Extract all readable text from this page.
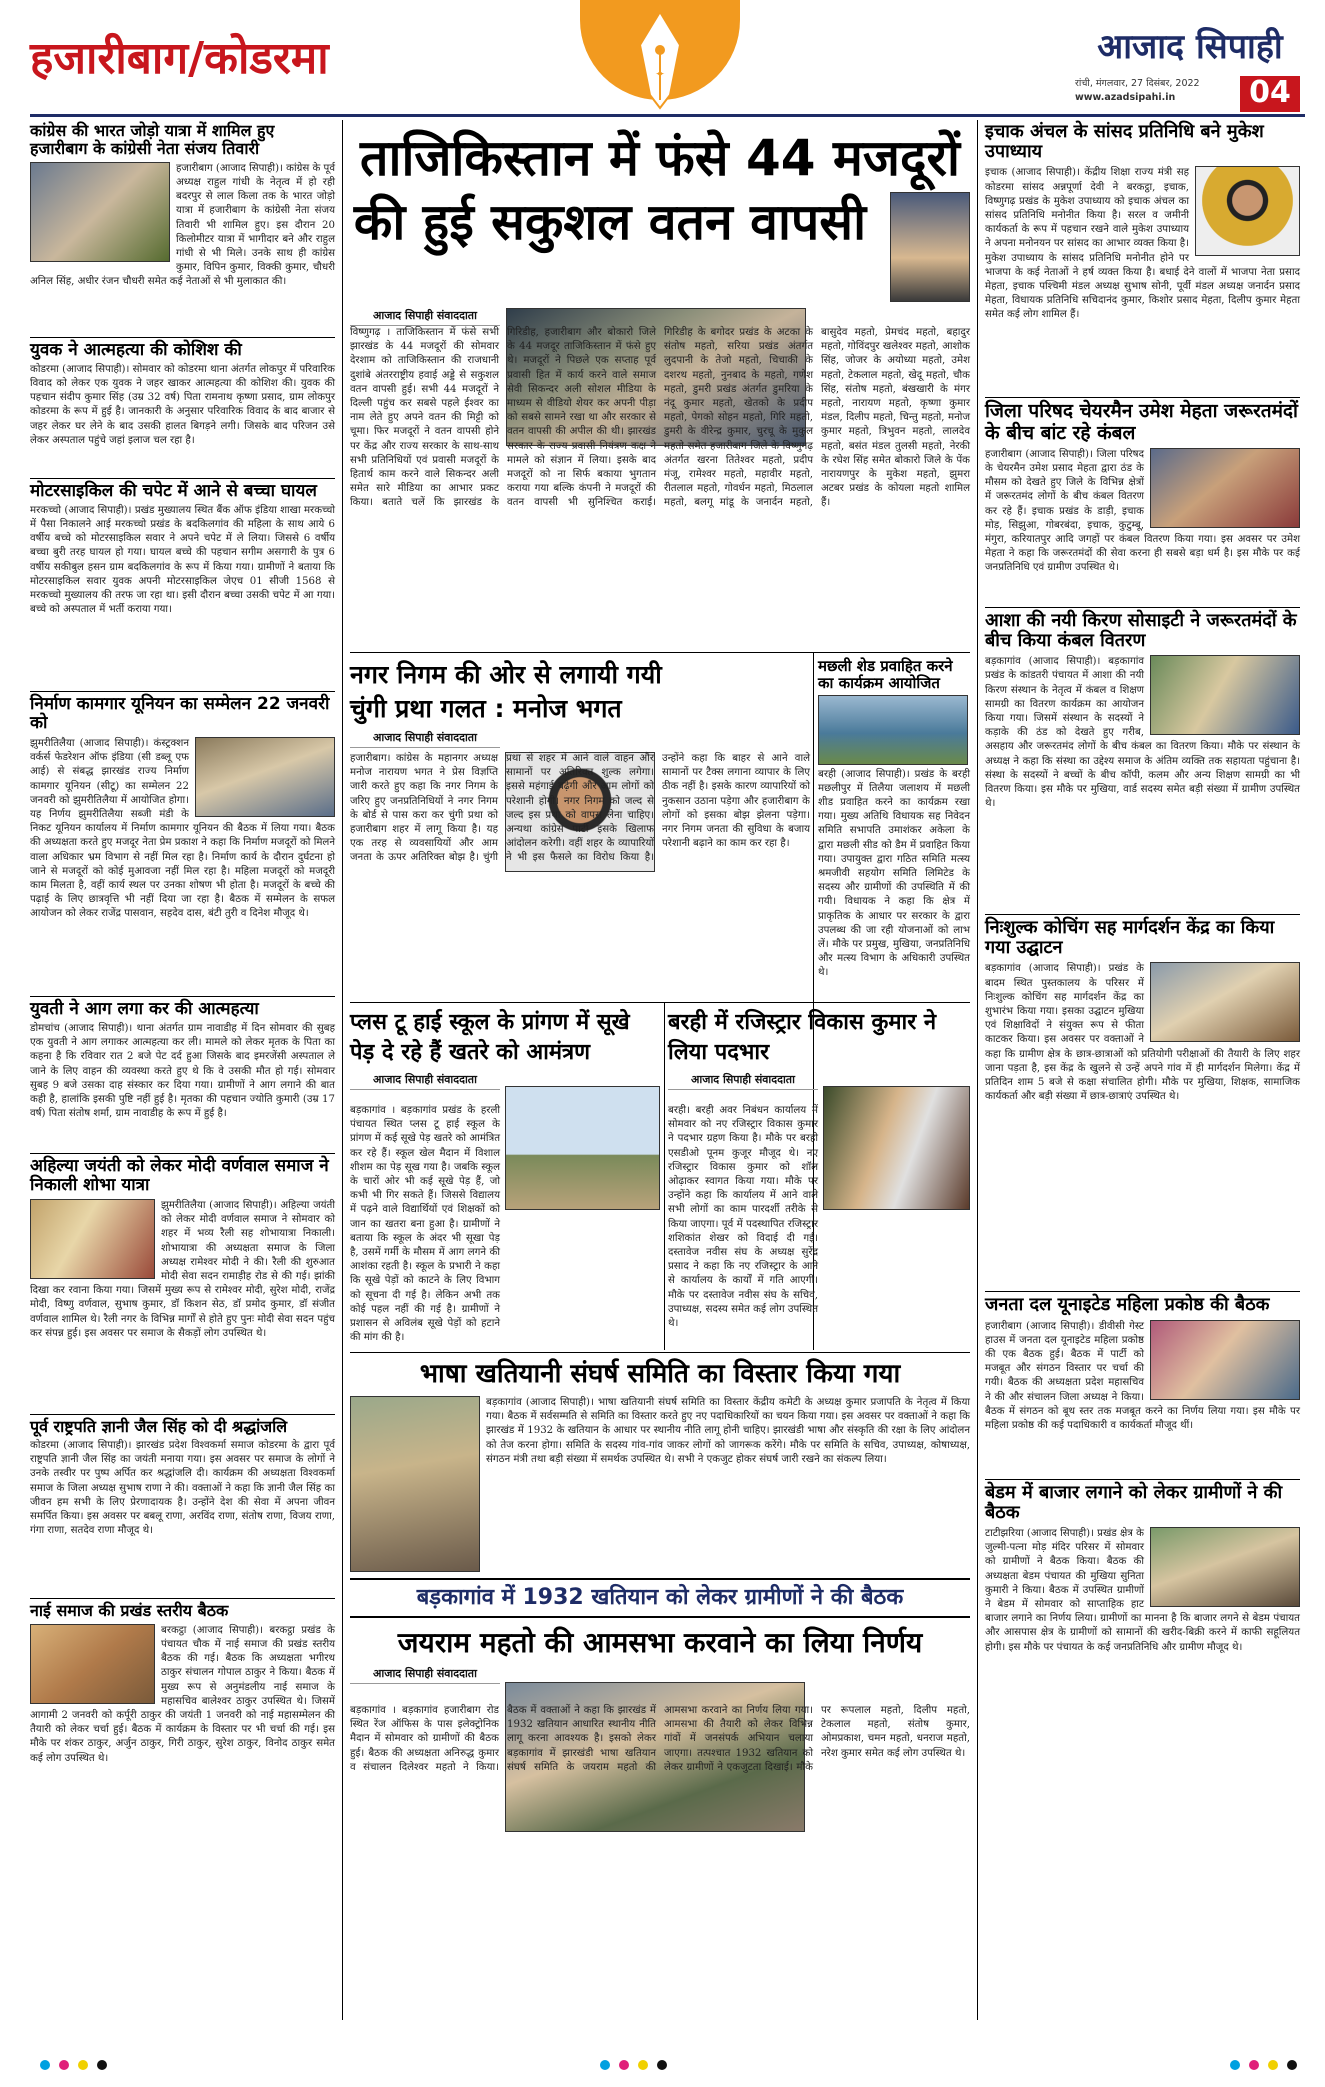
हजारीबाग/कोडरमा	✦
आजाद सिपाही
रांची, मंगलवार, 27 दिसंबर, 2022
www.azadsipahi.in	04
कांग्रेस की भारत जोड़ो यात्रा में शामिल हुए हजारीबाग के कांग्रेसी नेता संजय तिवारी
हजारीबाग (आजाद सिपाही)। कांग्रेस के पूर्व अध्यक्ष राहुल गांधी के नेतृत्व में हो रही बदरपुर से लाल किला तक के भारत जोड़ो यात्रा में हजारीबाग के कांग्रेसी नेता संजय तिवारी भी शामिल हुए। इस दौरान 20 किलोमीटर यात्रा में भागीदार बने और राहुल गांधी से भी मिले। उनके साथ ही कांग्रेस कुमार, विपिन कुमार, विक्की कुमार, चौधरी अनिल सिंह, अधीर रंजन चौधरी समेत कई नेताओं से भी मुलाकात की।
युवक ने आत्महत्या की कोशिश की
कोडरमा (आजाद सिपाही)। सोमवार को कोडरमा थाना अंतर्गत लोकपुर में परिवारिक विवाद को लेकर एक युवक ने जहर खाकर आत्महत्या की कोशिश की। युवक की पहचान संदीप कुमार सिंह (उम्र 32 वर्ष) पिता रामनाथ कृष्णा प्रसाद, ग्राम लोकपुर कोडरमा के रूप में हुई है। जानकारी के अनुसार परिवारिक विवाद के बाद बाजार से जहर लेकर घर लेने के बाद उसकी हालत बिगड़ने लगी। जिसके बाद परिजन उसे लेकर अस्पताल पहुंचे जहां इलाज चल रहा है।
मोटरसाइकिल की चपेट में आने से बच्चा घायल
मरकच्चो (आजाद सिपाही)। प्रखंड मुख्यालय स्थित बैंक ऑफ इंडिया शाखा मरकच्चो में पैसा निकालने आई मरकच्चो प्रखंड के बदकिलगांव की महिला के साथ आये 6 वर्षीय बच्चे को मोटरसाइकिल सवार ने अपने चपेट में ले लिया। जिससे 6 वर्षीय बच्चा बुरी तरह घायल हो गया। घायल बच्चे की पहचान सगीम असगारी के पुत्र 6 वर्षीय सकीबुल हसन ग्राम बदकिलगांव के रूप में किया गया। ग्रामीणों ने बताया कि मोटरसाइकिल सवार युवक अपनी मोटरसाइकिल जेएच 01 सीजी 1568 से मरकच्चो मुख्यालय की तरफ जा रहा था। इसी दौरान बच्चा उसकी चपेट में आ गया। बच्चे को अस्पताल में भर्ती कराया गया।
निर्माण कामगार यूनियन का सम्मेलन 22 जनवरी को
झुमरीतिलैया (आजाद सिपाही)। कंस्ट्रक्शन वर्कर्स फेडरेशन ऑफ इंडिया (सी डब्लू एफ आई) से संबद्ध झारखंड राज्य निर्माण कामगार यूनियन (सीटू) का सम्मेलन 22 जनवरी को झुमरीतिलैया में आयोजित होगा। यह निर्णय झुमरीतिलैया सब्जी मंडी के निकट यूनियन कार्यालय में निर्माण कामगार यूनियन की बैठक में लिया गया। बैठक की अध्यक्षता करते हुए मजदूर नेता प्रेम प्रकाश ने कहा कि निर्माण मजदूरों को मिलने वाला अधिकार भ्रम विभाग से नहीं मिल रहा है। निर्माण कार्य के दौरान दुर्घटना हो जाने से मजदूरों को कोई मुआवजा नहीं मिल रहा है। महिला मजदूरों को मजदूरी काम मिलता है, वहीं कार्य स्थल पर उनका शोषण भी होता है। मजदूरों के बच्चे की पढ़ाई के लिए छात्रवृत्ति भी नहीं दिया जा रहा है। बैठक में सम्मेलन के सफल आयोजन को लेकर राजेंद्र पासवान, सहदेव दास, बंटी तुरी व दिनेश मौजूद थे।
युवती ने आग लगा कर की आत्महत्या
डोमचांच (आजाद सिपाही)। थाना अंतर्गत ग्राम नावाडीह में दिन सोमवार की सुबह एक युवती ने आग लगाकर आत्महत्या कर ली। मामले को लेकर मृतक के पिता का कहना है कि रविवार रात 2 बजे पेट दर्द हुआ जिसके बाद इमरजेंसी अस्पताल ले जाने के लिए वाहन की व्यवस्था करते हुए थे कि वे उसकी मौत हो गई। सोमवार सुबह 9 बजे उसका दाह संस्कार कर दिया गया। ग्रामीणों ने आग लगाने की बात कही है, हालांकि इसकी पुष्टि नहीं हुई है। मृतका की पहचान ज्योति कुमारी (उम्र 17 वर्ष) पिता संतोष शर्मा, ग्राम नावाडीह के रूप में हुई है।
अहिल्या जयंती को लेकर मोदी वर्णवाल समाज ने निकाली शोभा यात्रा
झुमरीतिलैया (आजाद सिपाही)। अहिल्या जयंती को लेकर मोदी वर्णवाल समाज ने सोमवार को शहर में भव्य रैली सह शोभायात्रा निकाली। शोभायात्रा की अध्यक्षता समाज के जिला अध्यक्ष रामेश्वर मोदी ने की। रैली की शुरुआत मोदी सेवा सदन रामाड़ीह रोड से की गई। झांकी दिखा कर रवाना किया गया। जिसमें मुख्य रूप से रामेश्वर मोदी, सुरेश मोदी, राजेंद्र मोदी, विष्णु वर्णवाल, सुभाष कुमार, डॉ किशन सेठ, डॉ प्रमोद कुमार, डॉ संजीत वर्णवाल शामिल थे। रैली नगर के विभिन्न मार्गों से होते हुए पुनः मोदी सेवा सदन पहुंच कर संपन्न हुई। इस अवसर पर समाज के सैकड़ों लोग उपस्थित थे।
पूर्व राष्ट्रपति ज्ञानी जैल सिंह को दी श्रद्धांजलि
कोडरमा (आजाद सिपाही)। झारखंड प्रदेश विश्वकर्मा समाज कोडरमा के द्वारा पूर्व राष्ट्रपति ज्ञानी जैल सिंह का जयंती मनाया गया। इस अवसर पर समाज के लोगों ने उनके तस्वीर पर पुष्प अर्पित कर श्रद्धांजलि दी। कार्यक्रम की अध्यक्षता विश्वकर्मा समाज के जिला अध्यक्ष सुभाष राणा ने की। वक्ताओं ने कहा कि ज्ञानी जैल सिंह का जीवन हम सभी के लिए प्रेरणादायक है। उन्होंने देश की सेवा में अपना जीवन समर्पित किया। इस अवसर पर बबलू राणा, अरविंद राणा, संतोष राणा, विजय राणा, गंगा राणा, सतदेव राणा मौजूद थे।
नाई समाज की प्रखंड स्तरीय बैठक
बरकट्ठा (आजाद सिपाही)। बरकट्ठा प्रखंड के पंचायत चौक में नाई समाज की प्रखंड स्तरीय बैठक की गई। बैठक कि अध्यक्षता भगीरथ ठाकुर संचालन गोपाल ठाकुर ने किया। बैठक में मुख्य रूप से अनुमंडलीय नाई समाज के महासचिव बालेश्वर ठाकुर उपस्थित थे। जिसमें आगामी 2 जनवरी को कर्पूरी ठाकुर की जयंती 1 जनवरी को नाई महासम्मेलन की तैयारी को लेकर चर्चा हुई। बैठक में कार्यक्रम के विस्तार पर भी चर्चा की गई। इस मौके पर शंकर ठाकुर, अर्जुन ठाकुर, गिरी ठाकुर, सुरेश ठाकुर, विनोद ठाकुर समेत कई लोग उपस्थित थे।
ताजिकिस्तान में फंसे 44 मजदूरों
की हुई सकुशल वतन वापसी
आजाद सिपाही संवाददाता
विष्णुगढ़ । ताजिकिस्तान में फंसे सभी झारखंड के 44 मजदूरों की सोमवार देरशाम को ताजिकिस्तान की राजधानी दुशांबे अंतरराष्ट्रीय हवाई अड्डे से सकुशल वतन वापसी हुई। सभी 44 मजदूरों ने दिल्ली पहुंच कर सबसे पहले ईश्वर का नाम लेते हुए अपने वतन की मिट्टी को चूमा। फिर मजदूरों ने वतन वापसी होने पर केंद्र और राज्य सरकार के साथ-साथ सभी प्रतिनिधियों एवं प्रवासी मजदूरों के हितार्थ काम करने वाले सिकन्दर अली समेत सारे मीडिया का आभार प्रकट किया। बताते चलें कि झारखंड के गिरिडीह, हजारीबाग और बोकारो जिले के 44 मजदूर ताजिकिस्तान में फंसे हुए थे। मजदूरों ने पिछले एक सप्ताह पूर्व प्रवासी हित में कार्य करने वाले समाज सेवी सिकन्दर अली सोशल मीडिया के माध्यम से वीडियो शेयर कर अपनी पीड़ा को सबसे सामने रखा था और सरकार से वतन वापसी की अपील की थी। झारखंड सरकार के राज्य प्रवासी नियंत्रण कक्ष ने मामले को संज्ञान में लिया। इसके बाद मजदूरों को ना सिर्फ बकाया भुगतान कराया गया बल्कि कंपनी ने मजदूरों की वतन वापसी भी सुनिश्चित कराई। गिरिडीह के बगोदर प्रखंड के अटका के संतोष महतो, सरिया प्रखंड अंतर्गत लुदपानी के तेजो महतो, चिचाकी के दशरथ महतो, नुनबाद के महतो, गणेश महतो, डुमरी प्रखंड अंतर्गत डुमरिया के नंदू कुमार महतो, खेतको के प्रदीप महतो, पेगको सोहन महतो, गिरि महतो, डुमरी के वीरेन्द्र कुमार, चुरचू के मुकुल महतो समेत हजारीबाग जिले के विष्णुगढ़ अंतर्गत खरना तितेश्वर महतो, प्रदीप मंजू, रामेश्वर महतो, महावीर महतो, रीतलाल महतो, गोवर्धन महतो, मिठलाल महतो, बलगू मांडू के जनार्दन महतो, बासुदेव महतो, प्रेमचंद महतो, बहादुर महतो, गोविंदपुर खलेश्वर महतो, आशोक सिंह, जोजर के अयोध्या महतो, उमेश महतो, टेकलाल महतो, खेदू महतो, चौक सिंह, संतोष महतो, बंखखारी के मंगर महतो, नारायण महतो, कृष्णा कुमार मंडल, दिलीप महतो, चिन्तु महतो, मनोज कुमार महतो, त्रिभुवन महतो, लालदेव महतो, बसंत मंडल तुलसी महतो, नेरकी के रघेश सिंह समेत बोकारो जिले के पेंक नारायणपुर के मुकेश महतो, झुमरा अटबर प्रखंड के कोयला महतो शामिल हैं।
नगर निगम की ओर से लगायी गयी
चुंगी प्रथा गलत : मनोज भगत
आजाद सिपाही संवाददाता
हजारीबाग। कांग्रेस के महानगर अध्यक्ष मनोज नारायण भगत ने प्रेस विज्ञप्ति जारी करते हुए कहा कि नगर निगम के जरिए हुए जनप्रतिनिधियों ने नगर निगम के बोर्ड से पास करा कर चुंगी प्रथा को हजारीबाग शहर में लागू किया है। यह एक तरह से व्यवसायियों और आम जनता के ऊपर अतिरिक्त बोझ है। चुंगी प्रथा से शहर में आने वाले वाहन और सामानों पर अतिरिक्त शुल्क लगेगा। इससे महंगाई बढ़ेगी और आम लोगों को परेशानी होगी। नगर निगम को जल्द से जल्द इस प्रथा को वापस लेना चाहिए। अन्यथा कांग्रेस पार्टी इसके खिलाफ आंदोलन करेगी। वहीं शहर के व्यापारियों ने भी इस फैसले का विरोध किया है। उन्होंने कहा कि बाहर से आने वाले सामानों पर टैक्स लगाना व्यापार के लिए ठीक नहीं है। इसके कारण व्यापारियों को नुकसान उठाना पड़ेगा और हजारीबाग के लोगों को इसका बोझ झेलना पड़ेगा। नगर निगम जनता की सुविधा के बजाय परेशानी बढ़ाने का काम कर रहा है।
मछली शेड प्रवाहित करने का कार्यक्रम आयोजित
बरही (आजाद सिपाही)। प्रखंड के बरही मछलीपुर में तिलैया जलाशय में मछली शीड प्रवाहित करने का कार्यक्रम रखा गया। मुख्य अतिथि विधायक सह निवेदन समिति सभापति उमाशंकर अकेला के द्वारा मछली सीड को डैम में प्रवाहित किया गया। उपायुक्त द्वारा गठित समिति मत्स्य श्रमजीवी सहयोग समिति लिमिटेड के सदस्य और ग्रामीणों की उपस्थिति में की गयी। विधायक ने कहा कि क्षेत्र में प्राकृतिक के आधार पर सरकार के द्वारा उपलब्ध की जा रही योजनाओं को लाभ लें। मौके पर प्रमुख, मुखिया, जनप्रतिनिधि और मत्स्य विभाग के अधिकारी उपस्थित थे।
प्लस टू हाई स्कूल के प्रांगण में सूखे पेड़ दे रहे हैं खतरे को आमंत्रण
आजाद सिपाही संवाददाता
बड़कागांव । बड़कागांव प्रखंड के हरली पंचायत स्थित प्लस टू हाई स्कूल के प्रांगण में कई सूखे पेड़ खतरे को आमंत्रित कर रहे हैं। स्कूल खेल मैदान में विशाल शीशम का पेड़ सूख गया है। जबकि स्कूल के चारों ओर भी कई सूखे पेड़ हैं, जो कभी भी गिर सकते हैं। जिससे विद्यालय में पढ़ने वाले विद्यार्थियों एवं शिक्षकों को जान का खतरा बना हुआ है। ग्रामीणों ने बताया कि स्कूल के अंदर भी सूखा पेड़ है, उसमें गर्मी के मौसम में आग लगने की आशंका रहती है। स्कूल के प्रभारी ने कहा कि सूखे पेड़ों को काटने के लिए विभाग को सूचना दी गई है। लेकिन अभी तक कोई पहल नहीं की गई है। ग्रामीणों ने प्रशासन से अविलंब सूखे पेड़ों को हटाने की मांग की है।
बरही में रजिस्ट्रार विकास कुमार ने लिया पदभार
आजाद सिपाही संवाददाता
बरही। बरही अवर निबंधन कार्यालय में सोमवार को नए रजिस्ट्रार विकास कुमार ने पदभार ग्रहण किया है। मौके पर बरही एसडीओ पूनम कुजूर मौजूद थे। नए रजिस्ट्रार विकास कुमार को शॉल ओढ़ाकर स्वागत किया गया। मौके पर उन्होंने कहा कि कार्यालय में आने वाले सभी लोगों का काम पारदर्शी तरीके से किया जाएगा। पूर्व में पदस्थापित रजिस्ट्रार शशिकांत शेखर को विदाई दी गई। दस्तावेज नवीस संघ के अध्यक्ष सुरेंद्र प्रसाद ने कहा कि नए रजिस्ट्रार के आने से कार्यालय के कार्यों में गति आएगी। मौके पर दस्तावेज नवीस संघ के सचिव, उपाध्यक्ष, सदस्य समेत कई लोग उपस्थित थे।
भाषा खतियानी संघर्ष समिति का विस्तार किया गया
बड़कागांव (आजाद सिपाही)। भाषा खतियानी संघर्ष समिति का विस्तार केंद्रीय कमेटी के अध्यक्ष कुमार प्रजापति के नेतृत्व में किया गया। बैठक में सर्वसम्मति से समिति का विस्तार करते हुए नए पदाधिकारियों का चयन किया गया। इस अवसर पर वक्ताओं ने कहा कि झारखंड में 1932 के खतियान के आधार पर स्थानीय नीति लागू होनी चाहिए। झारखंडी भाषा और संस्कृति की रक्षा के लिए आंदोलन को तेज करना होगा। समिति के सदस्य गांव-गांव जाकर लोगों को जागरूक करेंगे। मौके पर समिति के सचिव, उपाध्यक्ष, कोषाध्यक्ष, संगठन मंत्री तथा बड़ी संख्या में समर्थक उपस्थित थे। सभी ने एकजुट होकर संघर्ष जारी रखने का संकल्प लिया।
बड़कागांव में 1932 खतियान को लेकर ग्रामीणों ने की बैठक
जयराम महतो की आमसभा करवाने का लिया निर्णय
आजाद सिपाही संवाददाता
बड़कागांव । बड़कागांव हजारीबाग रोड स्थित रेंज ऑफिस के पास इलेक्ट्रोनिक मैदान में सोमवार को ग्रामीणों की बैठक हुई। बैठक की अध्यक्षता अनिरुद्ध कुमार व संचालन दिलेश्वर महतो ने किया। बैठक में वक्ताओं ने कहा कि झारखंड में 1932 खतियान आधारित स्थानीय नीति लागू करना आवश्यक है। इसको लेकर बड़कागांव में झारखंडी भाषा खतियान संघर्ष समिति के जयराम महतो की आमसभा करवाने का निर्णय लिया गया। आमसभा की तैयारी को लेकर विभिन्न गांवों में जनसंपर्क अभियान चलाया जाएगा। तत्पश्चात 1932 खतियान को लेकर ग्रामीणों ने एकजुटता दिखाई। मौके पर रूपलाल महतो, दिलीप महतो, टेकलाल महतो, संतोष कुमार, ओमप्रकाश, चमन महतो, धनराज महतो, नरेश कुमार समेत कई लोग उपस्थित थे।
इचाक अंचल के सांसद प्रतिनिधि बने मुकेश उपाध्याय
इचाक (आजाद सिपाही)। केंद्रीय शिक्षा राज्य मंत्री सह कोडरमा सांसद अन्नपूर्णा देवी ने बरकट्ठा, इचाक, विष्णुगढ़ प्रखंड के मुकेश उपाध्याय को इचाक अंचल का सांसद प्रतिनिधि मनोनीत किया है। सरल व जमीनी कार्यकर्ता के रूप में पहचान रखने वाले मुकेश उपाध्याय ने अपना मनोनयन पर सांसद का आभार व्यक्त किया है। मुकेश उपाध्याय के सांसद प्रतिनिधि मनोनीत होने पर भाजपा के कई नेताओं ने हर्ष व्यक्त किया है। बधाई देने वालों में भाजपा नेता प्रसाद मेहता, इचाक पश्चिमी मंडल अध्यक्ष सुभाष सोनी, पूर्वी मंडल अध्यक्ष जनार्दन प्रसाद मेहता, विधायक प्रतिनिधि सचिदानंद कुमार, किशोर प्रसाद मेहता, दिलीप कुमार मेहता समेत कई लोग शामिल हैं।
जिला परिषद चेयरमैन उमेश मेहता जरूरतमंदों के बीच बांट रहे कंबल
हजारीबाग (आजाद सिपाही)। जिला परिषद के चेयरमैन उमेश प्रसाद मेहता द्वारा ठंड के मौसम को देखते हुए जिले के विभिन्न क्षेत्रों में जरूरतमंद लोगों के बीच कंबल वितरण कर रहे हैं। इचाक प्रखंड के डाड़ी, इचाक मोड़, सिझुआ, गोबरबंदा, इचाक, कुटुम्बू, मंगुरा, करियातपुर आदि जगहों पर कंबल वितरण किया गया। इस अवसर पर उमेश मेहता ने कहा कि जरूरतमंदों की सेवा करना ही सबसे बड़ा धर्म है। इस मौके पर कई जनप्रतिनिधि एवं ग्रामीण उपस्थित थे।
आशा की नयी किरण सोसाइटी ने जरूरतमंदों के बीच किया कंबल वितरण
बड़कागांव (आजाद सिपाही)। बड़कागांव प्रखंड के कांडतरी पंचायत में आशा की नयी किरण संस्थान के नेतृत्व में कंबल व शिक्षण सामग्री का वितरण कार्यक्रम का आयोजन किया गया। जिसमें संस्थान के सदस्यों ने कड़ाके की ठंड को देखते हुए गरीब, असहाय और जरूरतमंद लोगों के बीच कंबल का वितरण किया। मौके पर संस्थान के अध्यक्ष ने कहा कि संस्था का उद्देश्य समाज के अंतिम व्यक्ति तक सहायता पहुंचाना है। संस्था के सदस्यों ने बच्चों के बीच कॉपी, कलम और अन्य शिक्षण सामग्री का भी वितरण किया। इस मौके पर मुखिया, वार्ड सदस्य समेत बड़ी संख्या में ग्रामीण उपस्थित थे।
निःशुल्क कोचिंग सह मार्गदर्शन केंद्र का किया गया उद्घाटन
बड़कागांव (आजाद सिपाही)। प्रखंड के बादम स्थित पुस्तकालय के परिसर में निःशुल्क कोचिंग सह मार्गदर्शन केंद्र का शुभारंभ किया गया। इसका उद्घाटन मुखिया एवं शिक्षाविदों ने संयुक्त रूप से फीता काटकर किया। इस अवसर पर वक्ताओं ने कहा कि ग्रामीण क्षेत्र के छात्र-छात्राओं को प्रतियोगी परीक्षाओं की तैयारी के लिए शहर जाना पड़ता है, इस केंद्र के खुलने से उन्हें अपने गांव में ही मार्गदर्शन मिलेगा। केंद्र में प्रतिदिन शाम 5 बजे से कक्षा संचालित होगी। मौके पर मुखिया, शिक्षक, सामाजिक कार्यकर्ता और बड़ी संख्या में छात्र-छात्राएं उपस्थित थे।
जनता दल यूनाइटेड महिला प्रकोष्ठ की बैठक
हजारीबाग (आजाद सिपाही)। डीवीसी गेस्ट हाउस में जनता दल यूनाइटेड महिला प्रकोष्ठ की एक बैठक हुई। बैठक में पार्टी को मजबूत और संगठन विस्तार पर चर्चा की गयी। बैठक की अध्यक्षता प्रदेश महासचिव ने की और संचालन जिला अध्यक्ष ने किया। बैठक में संगठन को बूथ स्तर तक मजबूत करने का निर्णय लिया गया। इस मौके पर महिला प्रकोष्ठ की कई पदाधिकारी व कार्यकर्ता मौजूद थीं।
बेडम में बाजार लगाने को लेकर ग्रामीणों ने की बैठक
टाटीझरिया (आजाद सिपाही)। प्रखंड क्षेत्र के जुल्मी-पत्ना मोड़ मंदिर परिसर में सोमवार को ग्रामीणों ने बैठक किया। बैठक की अध्यक्षता बेडम पंचायत की मुखिया सुनिता कुमारी ने किया। बैठक में उपस्थित ग्रामीणों ने बेडम में सोमवार को साप्ताहिक हाट बाजार लगाने का निर्णय लिया। ग्रामीणों का मानना है कि बाजार लगने से बेडम पंचायत और आसपास क्षेत्र के ग्रामीणों को सामानों की खरीद-बिक्री करने में काफी सहूलियत होगी। इस मौके पर पंचायत के कई जनप्रतिनिधि और ग्रामीण मौजूद थे।
